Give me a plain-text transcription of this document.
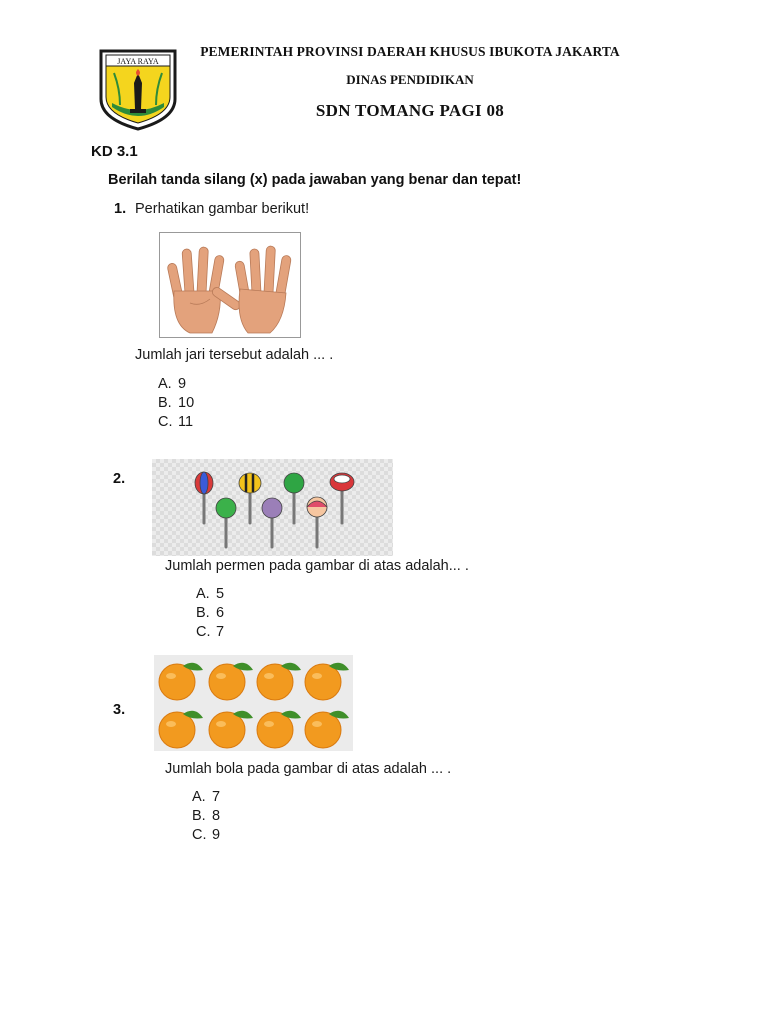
JAYA RAYA
PEMERINTAH PROVINSI DAERAH KHUSUS IBUKOTA JAKARTA
DINAS PENDIDIKAN
SDN TOMANG PAGI 08
KD 3.1
Berilah tanda silang (x) pada jawaban yang benar dan tepat!
1. Perhatikan gambar berikut!
Jumlah jari tersebut adalah ... .
A. 9
B. 10
C. 11
2.
Jumlah permen pada gambar di atas adalah... .
A. 5
B. 6
C. 7
3.
Jumlah bola pada gambar di atas adalah ... .
A. 7
B. 8
C. 9
